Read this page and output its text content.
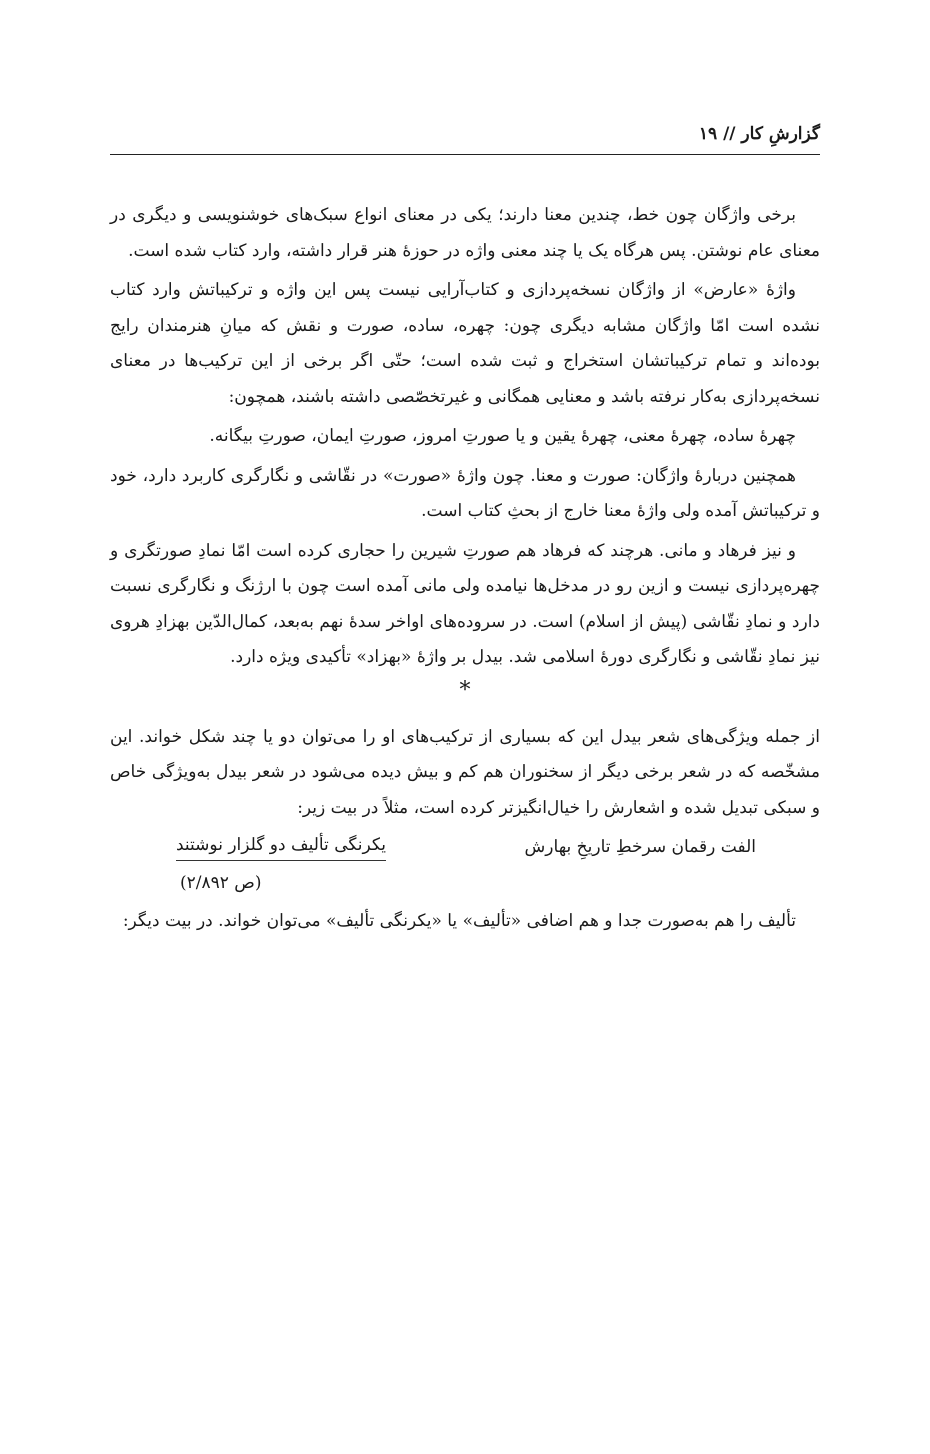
گزارشِ کار // ۱۹

برخی واژگان چون خط، چندین معنا دارند؛ یکی در معنای انواع سبک‌های خوشنویسی و دیگری در معنای عام نوشتن. پس هرگاه یک یا چند معنی واژه در حوزهٔ هنر قرار داشته، وارد کتاب شده است.

واژهٔ «عارض» از واژگان نسخه‌پردازی و کتاب‌آرایی نیست پس این واژه و ترکیباتش وارد کتاب نشده است امّا واژگان مشابه دیگری چون: چهره، ساده، صورت و نقش که میانِ هنرمندان رایج بوده‌اند و تمام ترکیباتشان استخراج و ثبت شده است؛ حتّی اگر برخی از این ترکیب‌ها در معنای نسخه‌پردازی به‌کار نرفته باشد و معنایی همگانی و غیرتخصّصی داشته باشند، همچون:

چهرهٔ ساده، چهرهٔ معنی، چهرهٔ یقین و یا صورتِ امروز، صورتِ ایمان، صورتِ بیگانه.

همچنین دربارهٔ واژگان: صورت و معنا. چون واژهٔ «صورت» در نقّاشی و نگارگری کاربرد دارد، خود و ترکیباتش آمده ولی واژهٔ معنا خارج از بحثِ کتاب است.

و نیز فرهاد و مانی. هرچند که فرهاد هم صورتِ شیرین را حجاری کرده است امّا نمادِ صورتگری و چهره‌پردازی نیست و ازین رو در مدخل‌ها نیامده ولی مانی آمده است چون با ارژنگ و نگارگری نسبت دارد و نمادِ نقّاشی (پیش از اسلام) است. در سروده‌های اواخر سدهٔ نهم به‌بعد، کمال‌الدّین بهزادِ هروی نیز نمادِ نقّاشی و نگارگری دورهٔ اسلامی شد. بیدل بر واژهٔ «بهزاد» تأکیدی ویژه دارد.

*

از جمله ویژگی‌های شعر بیدل این که بسیاری از ترکیب‌های او را می‌توان دو یا چند شکل خواند. این مشخّصه که در شعر برخی دیگر از سخنوران هم کم و بیش دیده می‌شود در شعر بیدل به‌ویژگی خاص و سبکی تبدیل شده و اشعارش را خیال‌انگیزتر کرده است، مثلاً در بیت زیر:

الفت رقمان سرخطِ تاریخِ بهارش
یکرنگی تألیف دو گلزار نوشتند
(ص ۲/۸۹۲)

تألیف را هم به‌صورت جدا و هم اضافی «تألیف» یا «یکرنگی تألیف» می‌توان خواند. در بیت دیگر:
